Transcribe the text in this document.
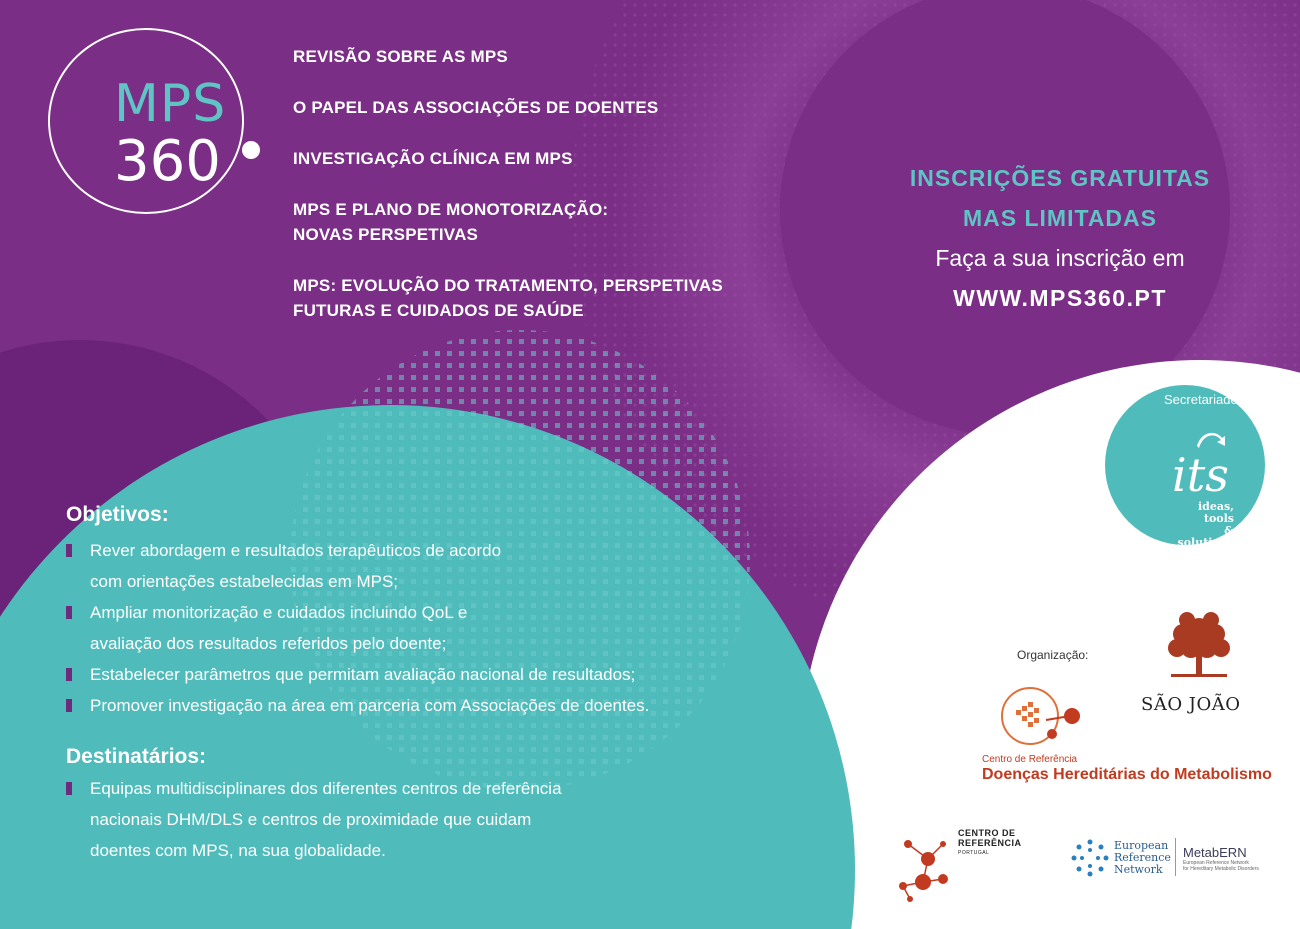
MPS
360
REVISÃO SOBRE AS MPS
O PAPEL DAS ASSOCIAÇÕES DE DOENTES
INVESTIGAÇÃO CLÍNICA EM MPS
MPS E PLANO DE MONOTORIZAÇÃO:
NOVAS PERSPETIVAS
MPS: EVOLUÇÃO DO TRATAMENTO, PERSPETIVAS
FUTURAS E CUIDADOS DE SAÚDE
INSCRIÇÕES GRATUITAS
MAS LIMITADAS
Faça a sua inscrição em
WWW.MPS360.PT
Objetivos:
Rever abordagem e resultados terapêuticos de acordo
com orientações estabelecidas em MPS;
Ampliar monitorização e cuidados incluindo QoL e
avaliação dos resultados referidos pelo doente;
Estabelecer parâmetros que permitam avaliação nacional de resultados;
Promover investigação na área em parceria com Associações de doentes.
Destinatários:
Equipas multidisciplinares dos diferentes centros de referência
nacionais DHM/DLS e centros de proximidade que cuidam
doentes com MPS, na sua globalidade.
Secretariado:
its
ideas, tools
& solutions
Organização:
SÃO JOÃO
Centro de Referência
Doenças Hereditárias do Metabolismo
CENTRO DE
REFERÊNCIA
PORTUGAL
European
Reference
Network
MetabERN
European Reference Network
for Hereditary Metabolic Disorders
